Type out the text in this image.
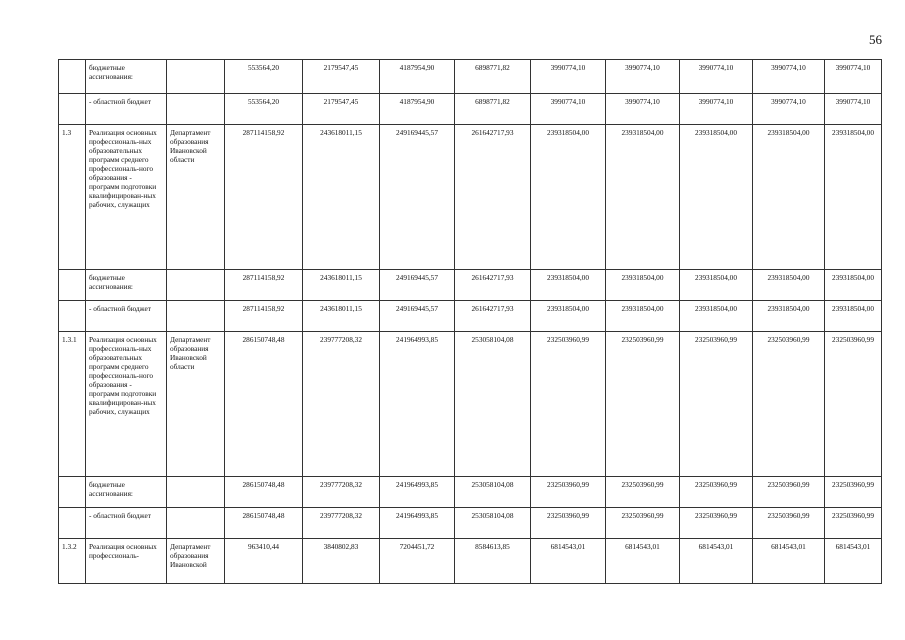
56
	бюджетные ассигнования:		553564,20	2179547,45	4187954,90	6898771,82	3990774,10	3990774,10	3990774,10	3990774,10	3990774,10
	- областной бюджет		553564,20	2179547,45	4187954,90	6898771,82	3990774,10	3990774,10	3990774,10	3990774,10	3990774,10
1.3	Реализация основных профессиональ-ных образовательных программ среднего профессиональ-ного образования - программ подготовки квалифицирован-ных рабочих, служащих	Департамент образования Ивановской области	287114158,92	243618011,15	249169445,57	261642717,93	239318504,00	239318504,00	239318504,00	239318504,00	239318504,00
	бюджетные ассигнования:		287114158,92	243618011,15	249169445,57	261642717,93	239318504,00	239318504,00	239318504,00	239318504,00	239318504,00
	- областной бюджет		287114158,92	243618011,15	249169445,57	261642717,93	239318504,00	239318504,00	239318504,00	239318504,00	239318504,00
1.3.1	Реализация основных профессиональ-ных образовательных программ среднего профессиональ-ного образования - программ подготовки квалифицирован-ных рабочих, служащих	Департамент образования Ивановской области	286150748,48	239777208,32	241964993,85	253058104,08	232503960,99	232503960,99	232503960,99	232503960,99	232503960,99
	бюджетные ассигнования:		286150748,48	239777208,32	241964993,85	253058104,08	232503960,99	232503960,99	232503960,99	232503960,99	232503960,99
	- областной бюджет		286150748,48	239777208,32	241964993,85	253058104,08	232503960,99	232503960,99	232503960,99	232503960,99	232503960,99
1.3.2	Реализация основных профессиональ-	Департамент образования Ивановской	963410,44	3840802,83	7204451,72	8584613,85	6814543,01	6814543,01	6814543,01	6814543,01	6814543,01
